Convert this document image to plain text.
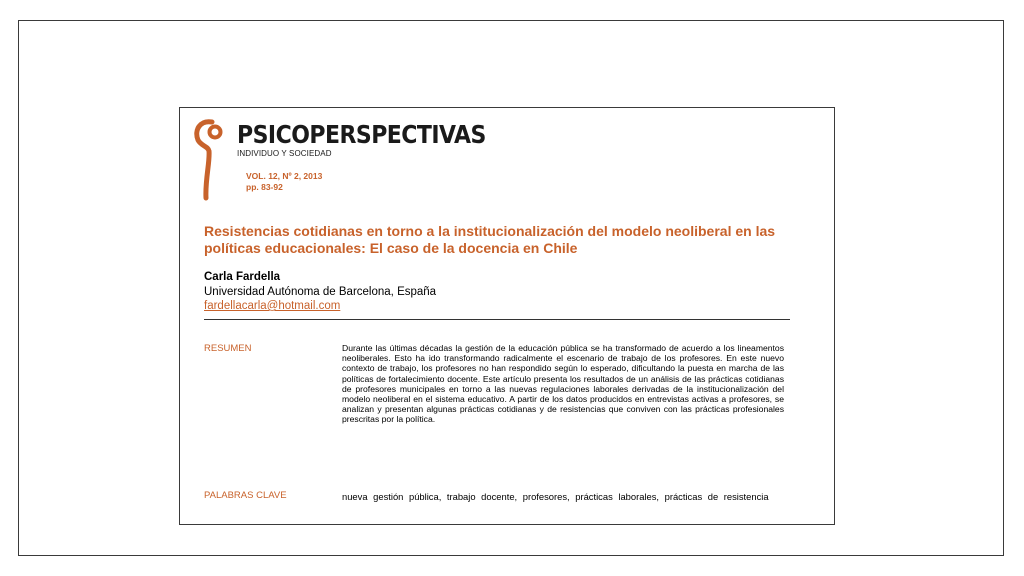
PSICOPERSPECTIVAS
INDIVIDUO Y SOCIEDAD
VOL. 12, Nº 2, 2013
pp. 83-92
Resistencias cotidianas en torno a la institucionalización del modelo neoliberal en las políticas educacionales: El caso de la docencia en Chile
Carla Fardella
Universidad Autónoma de Barcelona, España
fardellacarla@hotmail.com
RESUMEN	Durante las últimas décadas la gestión de la educación pública se ha transformado de acuerdo a los lineamentos neoliberales. Esto ha ido transformando radicalmente el escenario de trabajo de los profesores. En este nuevo contexto de trabajo, los profesores no han respondido según lo esperado, dificultando la puesta en marcha de las políticas de fortalecimiento docente. Este artículo presenta los resultados de un análisis de las prácticas cotidianas de profesores municipales en torno a las nuevas regulaciones laborales derivadas de la institucionalización del modelo neoliberal en el sistema educativo. A partir de los datos producidos en entrevistas activas a profesores, se analizan y presentan algunas prácticas cotidianas y de resistencias que conviven con las prácticas profesionales prescritas por la política.
PALABRAS CLAVE	nueva gestión pública, trabajo docente, profesores, prácticas laborales, prácticas de resistencia
